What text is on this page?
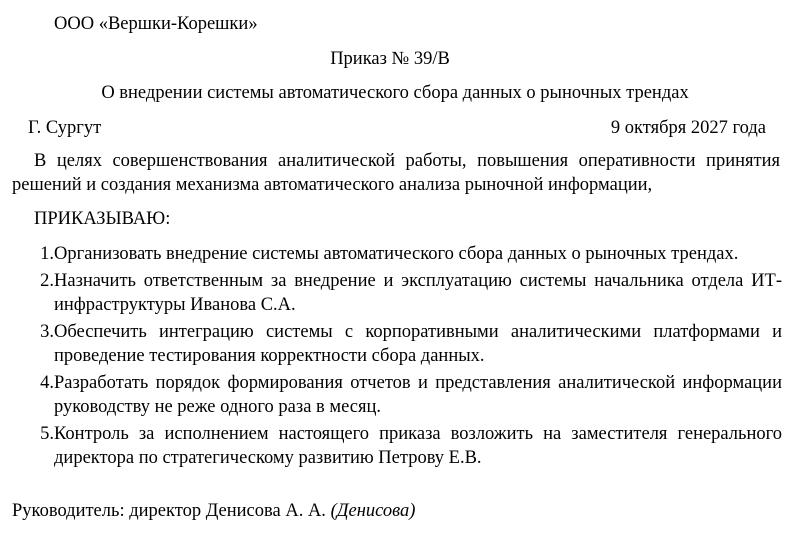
ООО «Вершки-Корешки»
Приказ № 39/В
О внедрении системы автоматического сбора данных о рыночных трендах
Г. Сургут	9 октября 2027 года

В целях совершенствования аналитической работы, повышения оперативности принятия решений и создания механизма автоматического анализа рыночной информации,

ПРИКАЗЫВАЮ:
1. Организовать внедрение системы автоматического сбора данных о рыночных трендах.
2. Назначить ответственным за внедрение и эксплуатацию системы начальника отдела ИТ-инфраструктуры Иванова С.А.
3. Обеспечить интеграцию системы с корпоративными аналитическими платформами и проведение тестирования корректности сбора данных.
4. Разработать порядок формирования отчетов и представления аналитической информации руководству не реже одного раза в месяц.
5. Контроль за исполнением настоящего приказа возложить на заместителя генерального директора по стратегическому развитию Петрову Е.В.
Руководитель: директор Денисова А. А. (Денисова)
